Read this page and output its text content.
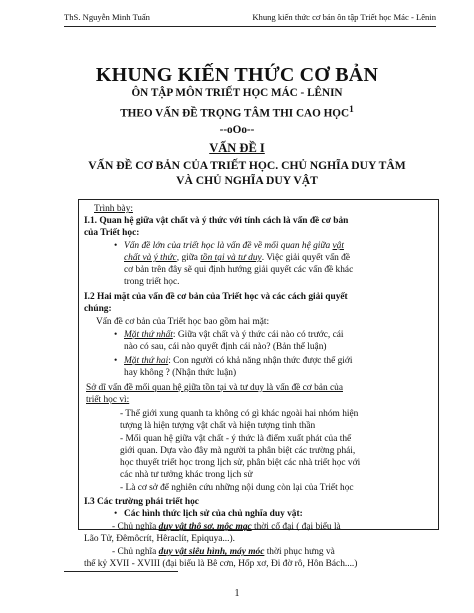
ThS. Nguyễn Minh Tuấn	Khung kiến thức cơ bản ôn tập Triết học Mác - Lênin
KHUNG KIẾN THỨC CƠ BẢN
ÔN TẬP MÔN TRIẾT HỌC MÁC - LÊNIN
THEO VẤN ĐỀ TRỌNG TÂM THI CAO HỌC$^1$
--oOo--
VẤN ĐỀ I
VẤN ĐỀ CƠ BẢN CỦA TRIẾT HỌC. CHỦ NGHĨA DUY TÂM
VÀ CHỦ NGHĨA DUY VẬT
Trình bày:
I.1. Quan hệ giữa vật chất và ý thức với tính cách là vấn đề cơ bản
của Triết học:
Vấn đề lớn của triết học là vấn đề về mối quan hệ giữa vật
chất và ý thức, giữa tồn tại và tư duy. Việc giải quyết vấn đề
cơ bản trên đây sẽ qui định hướng giải quyết các vấn đề khác
trong triết học.
•
I.2 Hai mặt của vấn đề cơ bản của Triết học và các cách giải quyết
chúng:
Vấn đề cơ bản của Triết học bao gồm hai mặt:
• Mặt thứ nhất: Giữa vật chất và ý thức cái nào có trước, cái
nào có sau, cái nào quyết định cái nào? (Bản thể luận)
• Mặt thứ hai: Con người có khả năng nhận thức được thế giới
hay không ? (Nhận thức luận)
Sở dĩ vấn đề mối quan hệ giữa tồn tại và tư duy là vấn đề cơ bản của
triết học vì:
- Thế giới xung quanh ta không có gì khác ngoài hai nhóm hiện
tượng là hiện tượng vật chất và hiện tượng tinh thần
- Mối quan hệ giữa vật chất - ý thức là điểm xuất phát của thế
giới quan. Dựa vào đây mà người ta phân biệt các trường phái,
học thuyết triết học trong lịch sử, phân biệt các nhà triết học với
các nhà tư tưởng khác trong lịch sử
- Là cơ sở để nghiên cứu những nội dung còn lại của Triết học
I.3 Các trường phái triết học
• Các hình thức lịch sử của chủ nghĩa duy vật:
- Chủ nghĩa duy vật thô sơ, mộc mạc thời cổ đại ( đại biểu là
Lão Tử, Đêmôcrít, Hêraclít, Epiquya...).
- Chủ nghĩa duy vật siêu hình, máy móc thời phục hưng và
thế kỷ XVII - XVIII (đại biểu là Bê cơn, Hốp xơ, Đi đờ rô, Hôn Bách....)
1
